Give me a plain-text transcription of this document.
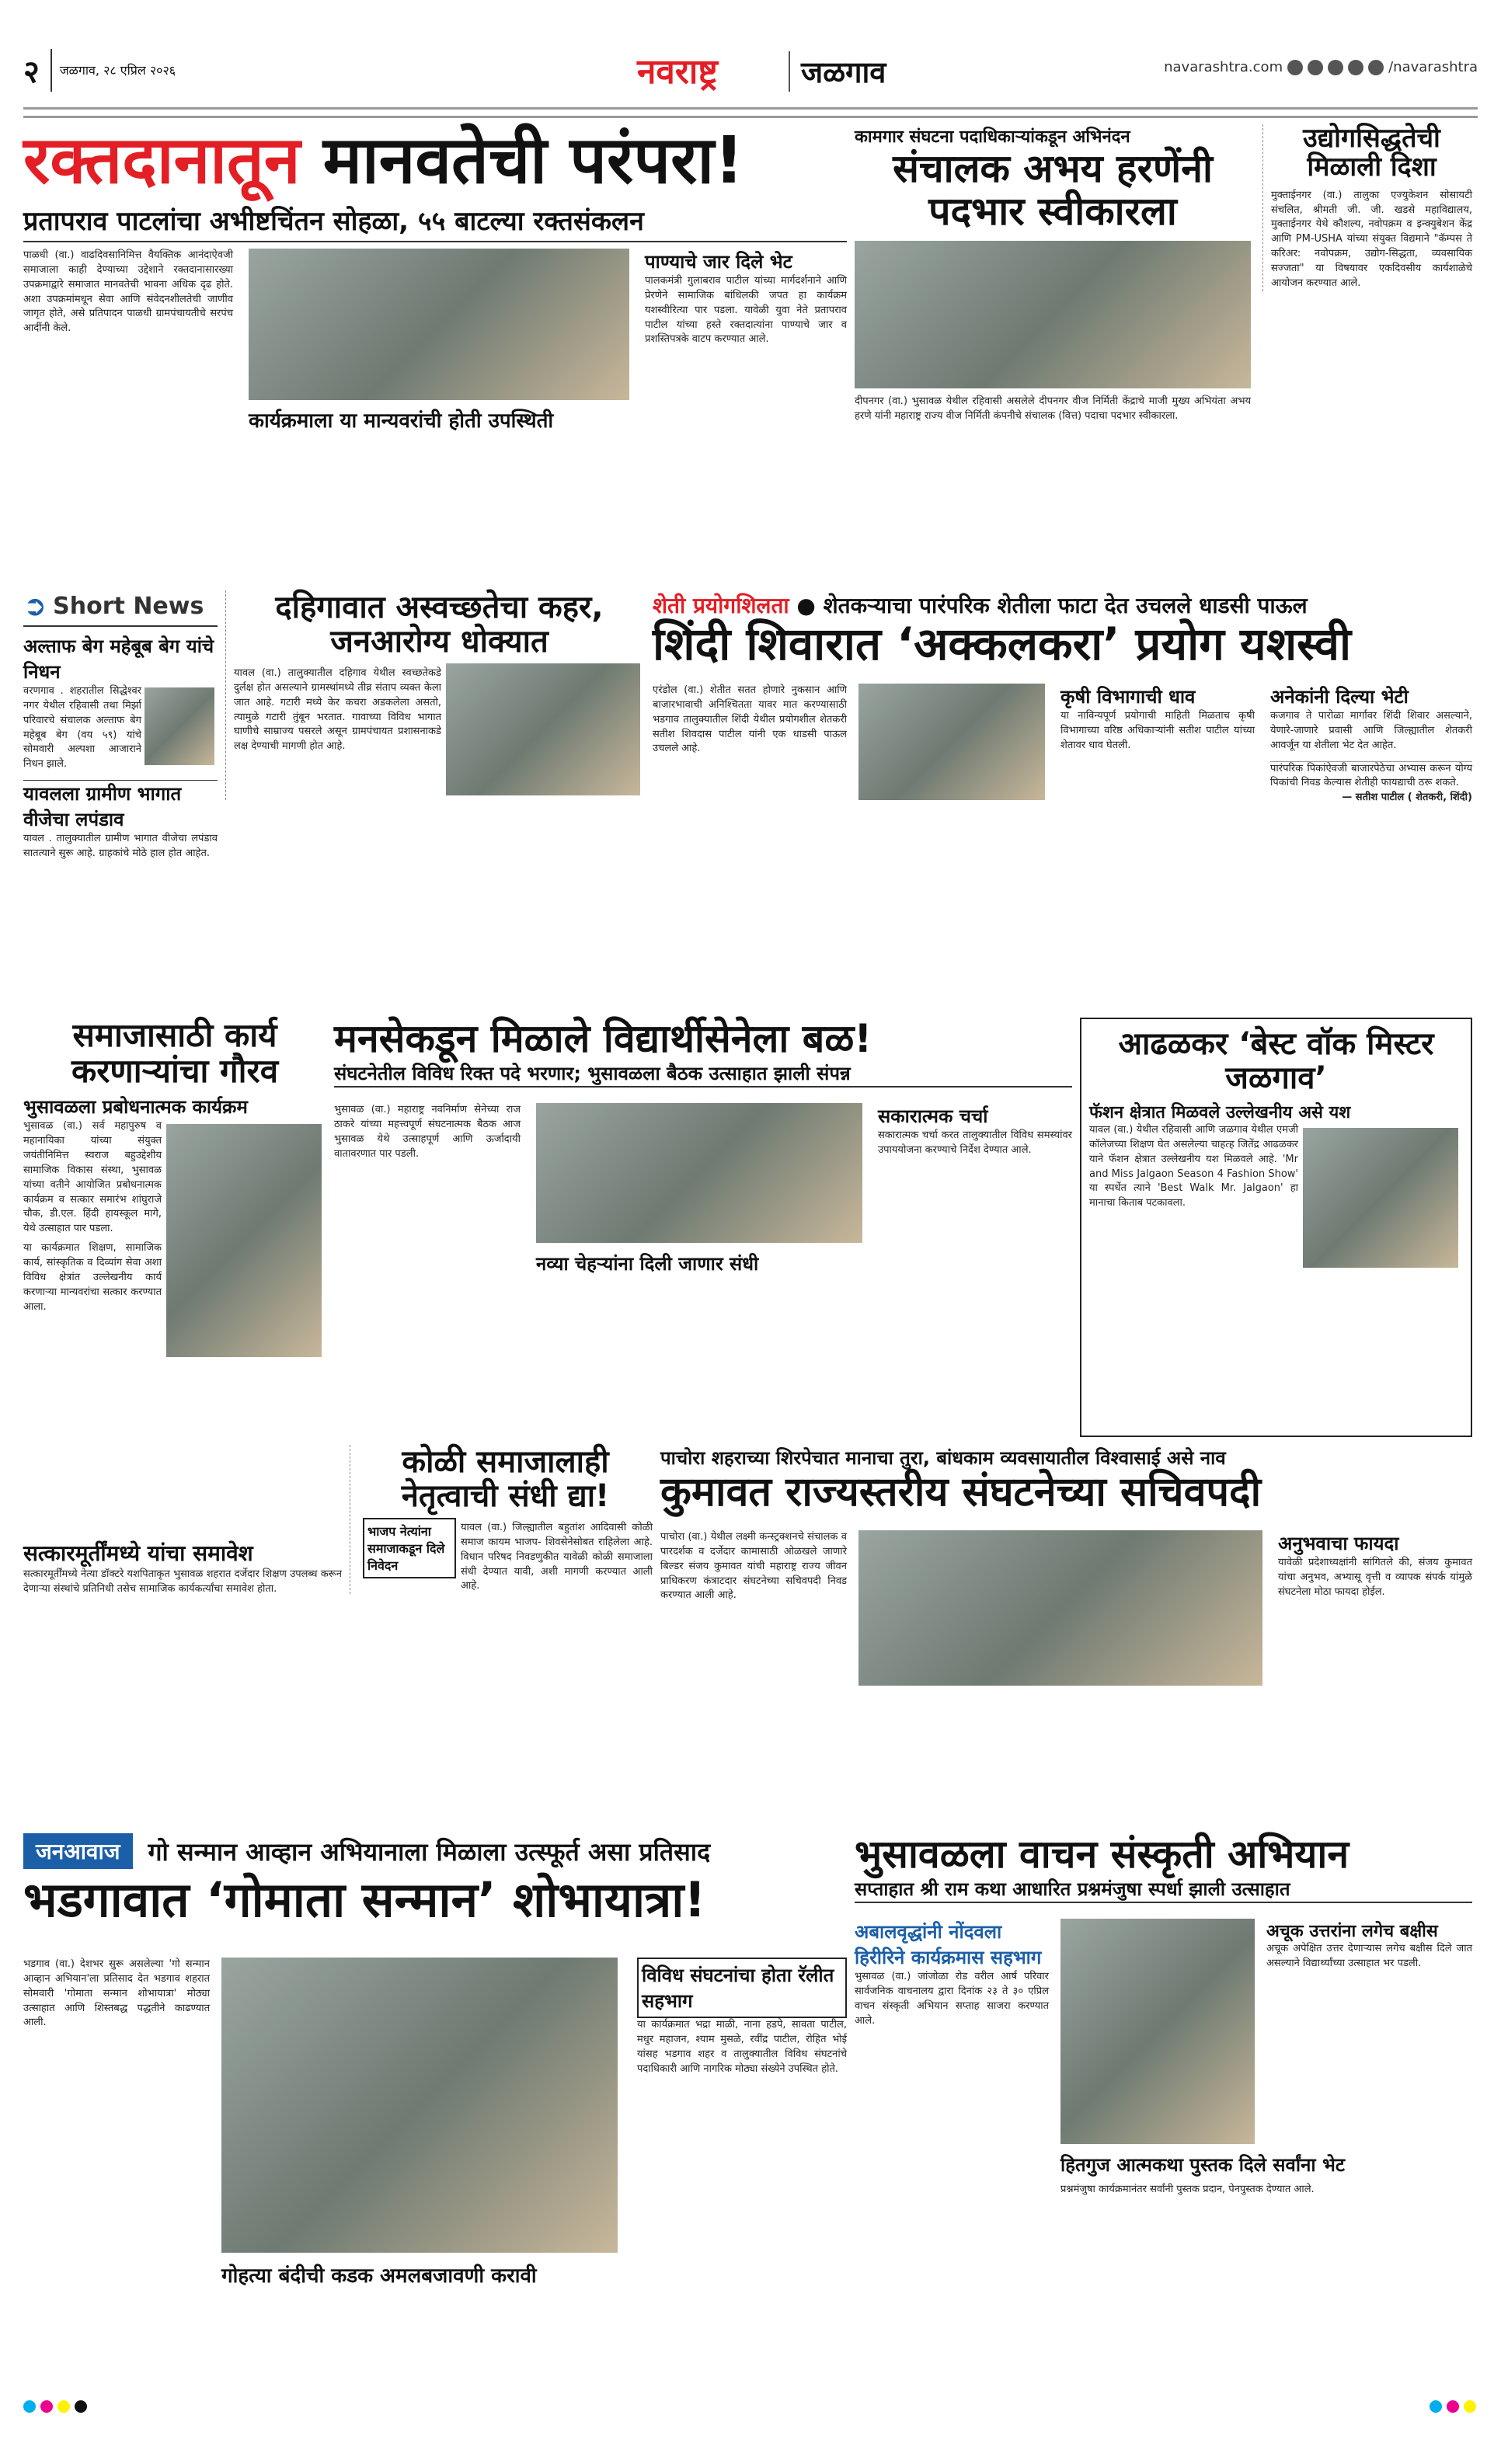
२	जळगाव, २८ एप्रिल २०२६	नवराष्ट्र	जळगाव	navarashtra.com	/navarashtra
रक्तदानातून मानवतेची परंपरा!
प्रतापराव पाटलांचा अभीष्टचिंतन सोहळा, ५५ बाटल्या रक्तसंकलन
पाळधी (वा.) वाढदिवसानिमित्त वैयक्तिक आनंदाऐवजी समाजाला काही देण्याच्या उद्देशाने रक्तदानासारख्या उपक्रमाद्वारे समाजात मानवतेची भावना अधिक दृढ होते. अशा उपक्रमांमधून सेवा आणि संवेदनशीलतेची जाणीव जागृत होते, असे प्रतिपादन पाळधी ग्रामपंचायतीचे सरपंच आदींनी केले.
कार्यक्रमाला या मान्यवरांची होती उपस्थिती
पाण्याचे जार दिले भेट
पालकमंत्री गुलाबराव पाटील यांच्या मार्गदर्शनाने आणि प्रेरणेने सामाजिक बांधिलकी जपत हा कार्यक्रम यशस्वीरित्या पार पडला. यावेळी युवा नेते प्रतापराव पाटील यांच्या हस्ते रक्तदात्यांना पाण्याचे जार व प्रशस्तिपत्रके वाटप करण्यात आले.
कामगार संघटना पदाधिकाऱ्यांकडून अभिनंदन
संचालक अभय हरणेंनी पदभार स्वीकारला
दीपनगर (वा.) भुसावळ येथील रहिवासी असलेले दीपनगर वीज निर्मिती केंद्राचे माजी मुख्य अभियंता अभय हरणे यांनी महाराष्ट्र राज्य वीज निर्मिती कंपनीचे संचालक (वित्त) पदाचा पदभार स्वीकारला.
उद्योगसिद्धतेची मिळाली दिशा
मुक्ताईनगर (वा.) तालुका एज्युकेशन सोसायटी संचलित, श्रीमती जी. जी. खडसे महाविद्यालय, मुक्ताईनगर येथे कौशल्य, नवोपक्रम व इन्क्युबेशन केंद्र आणि PM-USHA यांच्या संयुक्त विद्यमाने "कॅम्पस ते करिअर: नवोपक्रम, उद्योग-सिद्धता, व्यवसायिक सज्जता" या विषयावर एकदिवसीय कार्यशाळेचे आयोजन करण्यात आले.
➲ Short News
अल्ताफ बेग महेबूब बेग यांचे निधन
वरणगाव . शहरातील सिद्धेश्वर नगर येथील रहिवासी तथा मिर्झा परिवारचे संचालक अल्ताफ बेग महेबूब बेग (वय ५९) यांचे सोमवारी अल्पशा आजाराने निधन झाले.
यावलला ग्रामीण भागात वीजेचा लपंडाव
यावल . तालुक्यातील ग्रामीण भागात वीजेचा लपंडाव सातत्याने सुरू आहे. ग्राहकांचे मोठे हाल होत आहेत.
दहिगावात अस्वच्छतेचा कहर, जनआरोग्य धोक्यात
यावल (वा.) तालुक्यातील दहिगाव येथील स्वच्छतेकडे दुर्लक्ष होत असल्याने ग्रामस्थांमध्ये तीव्र संताप व्यक्त केला जात आहे. गटारी मध्ये केर कचरा अडकलेला असतो, त्यामुळे गटारी तुंबून भरतात. गावाच्या विविध भागात घाणीचे साम्राज्य पसरले असून ग्रामपंचायत प्रशासनाकडे लक्ष देण्याची मागणी होत आहे.
शेती प्रयोगशिलता ● शेतकऱ्याचा पारंपरिक शेतीला फाटा देत उचलले धाडसी पाऊल
शिंदी शिवारात ‘अक्कलकरा’ प्रयोग यशस्वी
एरंडोल (वा.) शेतीत सतत होणारे नुकसान आणि बाजारभावाची अनिश्चितता यावर मात करण्यासाठी भडगाव तालुक्यातील शिंदी येथील प्रयोगशील शेतकरी सतीश शिवदास पाटील यांनी एक धाडसी पाऊल उचलले आहे.
कृषी विभागाची धाव
या नाविन्यपूर्ण प्रयोगाची माहिती मिळताच कृषी विभागाच्या वरिष्ठ अधिकाऱ्यांनी सतीश पाटील यांच्या शेतावर धाव घेतली.
अनेकांनी दिल्या भेटी
कजगाव ते पारोळा मार्गावर शिंदी शिवार असल्याने, येणारे-जाणारे प्रवासी आणि जिल्ह्यातील शेतकरी आवर्जून या शेतीला भेट देत आहेत.
पारंपरिक पिकांऐवजी बाजारपेठेचा अभ्यास करून योग्य पिकांची निवड केल्यास शेतीही फायद्याची ठरू शकते.
— सतीश पाटील ( शेतकरी, शिंदी)
समाजासाठी कार्य करणाऱ्यांचा गौरव
भुसावळला प्रबोधनात्मक कार्यक्रम
भुसावळ (वा.) सर्व महापुरुष व महानायिका यांच्या संयुक्त जयंतीनिमित्त स्वराज बहुउद्देशीय सामाजिक विकास संस्था, भुसावळ यांच्या वतीने आयोजित प्रबोधनात्मक कार्यक्रम व सत्कार समारंभ शांघुराजे चौक, डी.एल. हिंदी हायस्कूल मागे, येथे उत्साहात पार पडला.
या कार्यक्रमात शिक्षण, सामाजिक कार्य, सांस्कृतिक व दिव्यांग सेवा अशा विविध क्षेत्रांत उल्लेखनीय कार्य करणाऱ्या मान्यवरांचा सत्कार करण्यात आला.
मनसेकडून मिळाले विद्यार्थीसेनेला बळ!
संघटनेतील विविध रिक्त पदे भरणार; भुसावळला बैठक उत्साहात झाली संपन्न
भुसावळ (वा.) महाराष्ट्र नवनिर्माण सेनेच्या राज ठाकरे यांच्या महत्त्वपूर्ण संघटनात्मक बैठक आज भुसावळ येथे उत्साहपूर्ण आणि ऊर्जादायी वातावरणात पार पडली.
नव्या चेहऱ्यांना दिली जाणार संधी
सकारात्मक चर्चा
सकारात्मक चर्चा करत तालुक्यातील विविध समस्यांवर उपाययोजना करण्याचे निर्देश देण्यात आले.
आढळकर ‘बेस्ट वॉक मिस्टर जळगाव’
फॅशन क्षेत्रात मिळवले उल्लेखनीय असे यश
यावल (वा.) येथील रहिवासी आणि जळगाव येथील एमजी कॉलेजच्या शिक्षण घेत असलेल्या चाहत्ह जितेंद्र आढळकर याने फॅशन क्षेत्रात उल्लेखनीय यश मिळवले आहे. 'Mr and Miss Jalgaon Season 4 Fashion Show' या स्पर्धेत त्याने 'Best Walk Mr. Jalgaon' हा मानाचा किताब पटकावला.
सत्कारमूर्तींमध्ये यांचा समावेश
सत्कारमूर्तींमध्ये नेत्या डॉक्टरे यशपिताकृत भुसावळ शहरात दर्जेदार शिक्षण उपलब्ध करून देणाऱ्या संस्थांचे प्रतिनिधी तसेच सामाजिक कार्यकर्त्यांचा समावेश होता.
कोळी समाजालाही नेतृत्वाची संधी द्या!
भाजप नेत्यांना समाजाकडून दिले निवेदन
यावल (वा.) जिल्ह्यातील बहुतांश आदिवासी कोळी समाज कायम भाजप- शिवसेनेसोबत राहिलेला आहे. विधान परिषद निवडणुकीत यावेळी कोळी समाजाला संधी देण्यात यावी, अशी मागणी करण्यात आली आहे.
पाचोरा शहराच्या शिरपेचात मानाचा तुरा, बांधकाम व्यवसायातील विश्वासाई असे नाव
कुमावत राज्यस्तरीय संघटनेच्या सचिवपदी
पाचोरा (वा.) येथील लक्ष्मी कन्स्ट्रक्शनचे संचालक व पारदर्शक व दर्जेदार कामासाठी ओळखले जाणारे बिल्डर संजय कुमावत यांची महाराष्ट्र राज्य जीवन प्राधिकरण कंत्राटदार संघटनेच्या सचिवपदी निवड करण्यात आली आहे.
अनुभवाचा फायदा
यावेळी प्रदेशाध्यक्षांनी सांगितले की, संजय कुमावत यांचा अनुभव, अभ्यासू वृत्ती व व्यापक संपर्क यांमुळे संघटनेला मोठा फायदा होईल.
जनआवाज	गो सन्मान आव्हान अभियानाला मिळाला उत्स्फूर्त असा प्रतिसाद
भडगावात ‘गोमाता सन्मान’ शोभायात्रा!
भडगाव (वा.) देशभर सुरू असलेल्या 'गो सन्मान आव्हान अभियान'ला प्रतिसाद देत भडगाव शहरात सोमवारी 'गोमाता सन्मान शोभायात्रा' मोठ्या उत्साहात आणि शिस्तबद्ध पद्धतीने काढण्यात आली.
गोहत्या बंदीची कडक अमलबजावणी करावी
विविध संघटनांचा होता रॅलीत सहभाग
या कार्यक्रमात भद्रा माळी, नाना हडपे, सावता पाटील, मधुर महाजन, श्याम मुसळे, रवींद्र पाटील, रोहित भोई यांसह भडगाव शहर व तालुक्यातील विविध संघटनांचे पदाधिकारी आणि नागरिक मोठ्या संख्येने उपस्थित होते.
भुसावळला वाचन संस्कृती अभियान
सप्ताहात श्री राम कथा आधारित प्रश्नमंजुषा स्पर्धा झाली उत्साहात
अबालवृद्धांनी नोंदवला हिरीरिने कार्यक्रमास सहभाग
भुसावळ (वा.) जांजोळा रोड वरील आर्ष परिवार सार्वजनिक वाचनालय द्वारा दिनांक २३ ते ३० एप्रिल वाचन संस्कृती अभियान सप्ताह साजरा करण्यात आले.
अचूक उत्तरांना लगेच बक्षीस
अचूक अपेक्षित उत्तर देणाऱ्यास लगेच बक्षीस दिले जात असल्याने विद्यार्थ्यांच्या उत्साहात भर पडली.
हितगुज आत्मकथा पुस्तक दिले सर्वांना भेट
प्रश्नमंजुषा कार्यक्रमानंतर सर्वांनी पुस्तक प्रदान, पेनपुस्तक देण्यात आले.
